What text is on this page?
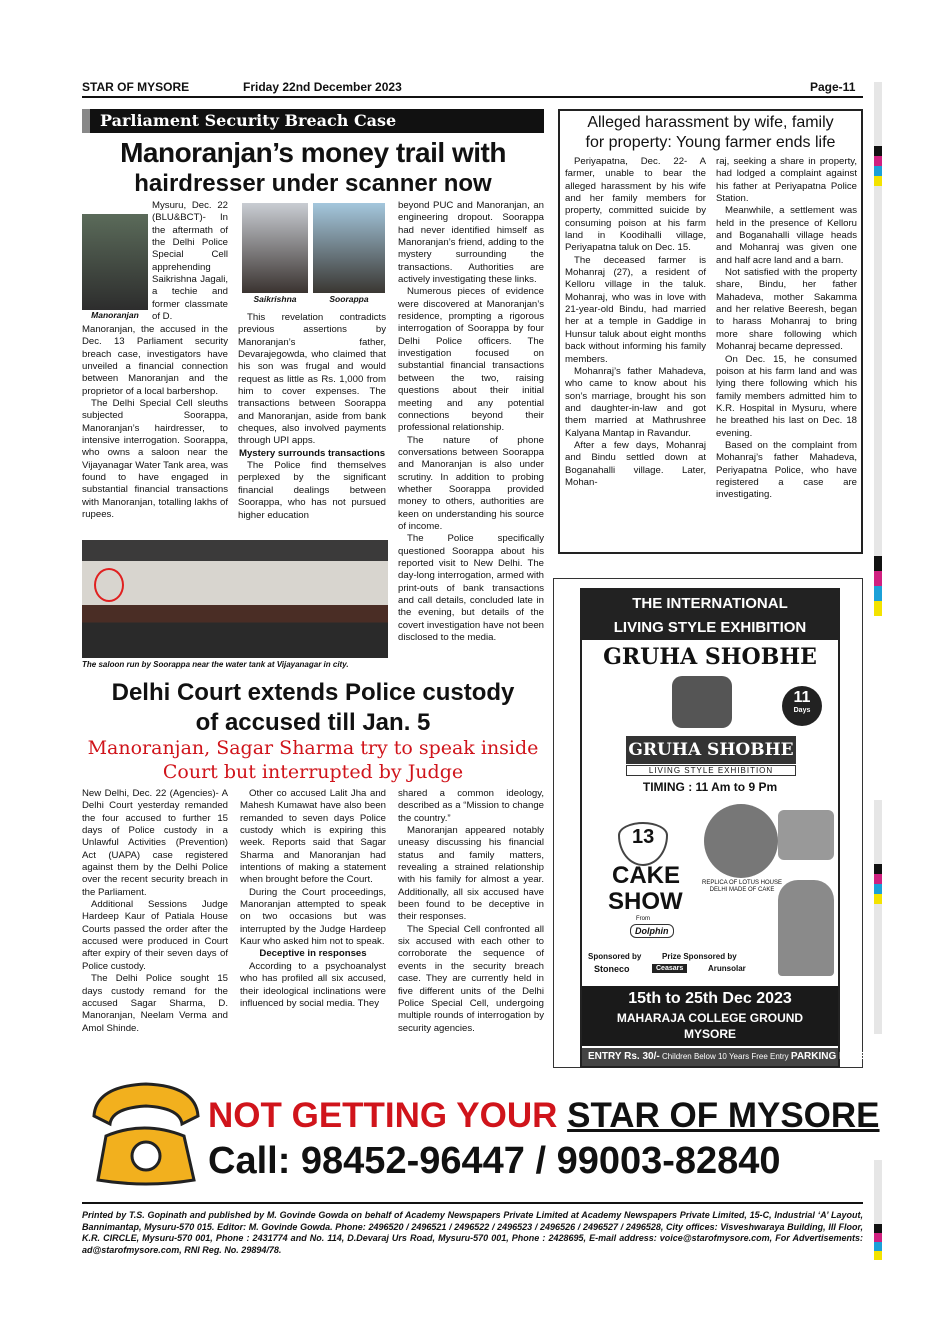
STAR OF MYSORE	Friday 22nd December 2023	Page-11
Parliament Security Breach Case
Manoranjan’s money trail with
hairdresser under scanner now
Manoranjan

Mysuru, Dec. 22 (BLU&BCT)- In the aftermath of the Delhi Police Special Cell apprehending Saikrishna Jagali, a techie and former classmate of D.

Manoranjan, the accused in the Dec. 13 Parliament security breach case, investigators have unveiled a financial connection between Manoranjan and the proprietor of a local barbershop.

The Delhi Special Cell sleuths subjected Soorappa, Manoranjan’s hairdresser, to intensive interrogation. Soorappa, who owns a saloon near the Vijayanagar Water Tank area, was found to have engaged in substantial financial transactions with Manoranjan, totalling lakhs of rupees.

Saikrishna	Soorappa

This revelation contradicts previous assertions by Manoranjan’s father, Devarajegowda, who claimed that his son was frugal and would request as little as Rs. 1,000 from him to cover expenses. The transactions between Soorappa and Manoranjan, aside from bank cheques, also involved payments through UPI apps.

Mystery surrounds transactions

The Police find themselves perplexed by the significant financial dealings between Soorappa, who has not pursued higher education

beyond PUC and Manoranjan, an engineering dropout. Soorappa had never identified himself as Manoranjan’s friend, adding to the mystery surrounding the transactions. Authorities are actively investigating these links.

Numerous pieces of evidence were discovered at Manoranjan’s residence, prompting a rigorous interrogation of Soorappa by four Delhi Police officers. The investigation focused on substantial financial transactions between the two, raising questions about their initial meeting and any potential connections beyond their professional relationship.

The nature of phone conversations between Soorappa and Manoranjan is also under scrutiny. In addition to probing whether Soorappa provided money to others, authorities are keen on understanding his source of income.

The Police specifically questioned Soorappa about his reported visit to New Delhi. The day-long interrogation, armed with print-outs of bank transactions and call details, concluded late in the evening, but details of the covert investigation have not been disclosed to the media.

The saloon run by Soorappa near the water tank at Vijayanagar in city.
Delhi Court extends Police custody
of accused till Jan. 5
Manoranjan, Sagar Sharma try to speak inside
Court but interrupted by Judge

New Delhi, Dec. 22 (Agencies)- A Delhi Court yesterday remanded the four accused to further 15 days of Police custody in a Unlawful Activities (Prevention) Act (UAPA) case registered against them by the Delhi Police over the recent security breach in the Parliament.

Additional Sessions Judge Hardeep Kaur of Patiala House Courts passed the order after the accused were produced in Court after expiry of their seven days of Police custody.

The Delhi Police sought 15 days custody remand for the accused Sagar Sharma, D. Manoranjan, Neelam Verma and Amol Shinde.

Other co accused Lalit Jha and Mahesh Kumawat have also been remanded to seven days Police custody which is expiring this week. Reports said that Sagar Sharma and Manoranjan had intentions of making a statement when brought before the Court.

During the Court proceedings, Manoranjan attempted to speak on two occasions but was interrupted by the Judge Hardeep Kaur who asked him not to speak.

Deceptive in responses

According to a psychoanalyst who has profiled all six accused, their ideological inclinations were influenced by social media. They

shared a common ideology, described as a “Mission to change the country.”

Manoranjan appeared notably uneasy discussing his financial status and family matters, revealing a strained relationship with his family for almost a year. Additionally, all six accused have been found to be deceptive in their responses.

The Special Cell confronted all six accused with each other to corroborate the sequence of events in the security breach case. They are currently held in five different units of the Delhi Police Special Cell, undergoing multiple rounds of interrogation by security agencies.

Alleged harassment by wife, family
for property: Young farmer ends life

Periyapatna, Dec. 22- A farmer, unable to bear the alleged harassment by his wife and her family members for property, committed suicide by consuming poison at his farm land in Koodihalli village, Periyapatna taluk on Dec. 15.

The deceased farmer is Mohanraj (27), a resident of Kelloru village in the taluk. Mohanraj, who was in love with 21-year-old Bindu, had married her at a temple in Gaddige in Hunsur taluk about eight months back without informing his family members.

Mohanraj’s father Mahadeva, who came to know about his son’s marriage, brought his son and daughter-in-law and got them married at Mathrushree Kalyana Mantap in Ravandur.

After a few days, Mohanraj and Bindu settled down at Boganahalli village. Later, Mohan-

raj, seeking a share in property, had lodged a complaint against his father at Periyapatna Police Station.

Meanwhile, a settlement was held in the presence of Kelloru and Boganahalli village heads and Mohanraj was given one and half acre land and a barn.

Not satisfied with the property share, Bindu, her father Mahadeva, mother Sakamma and her relative Beeresh, began to harass Mohanraj to bring more share following which Mohanraj became depressed.

On Dec. 15, he consumed poison at his farm land and was lying there following which his family members admitted him to K.R. Hospital in Mysuru, where he breathed his last on Dec. 18 evening.

Based on the complaint from Mohanraj’s father Mahadeva, Periyapatna Police, who have registered a case are investigating.

THE INTERNATIONAL
LIVING STYLE EXHIBITION
GRUHA SHOBHE
11
Days
GRUHA SHOBHE
LIVING STYLE EXHIBITION
TIMING : 11 Am to 9 Pm
13
CAKE
SHOW
From
Dolphin
REPLICA OF LOTUS HOUSE DELHI MADE OF CAKE
Sponsored by	Prize Sponsored by
Stoneco	Ceasars	Arunsolar
15th to 25th Dec 2023
MAHARAJA COLLEGE GROUND
MYSORE
ENTRY Rs. 30/- Children Below 10 Years Free Entry PARKING FREE
NOT GETTING YOUR STAR OF MYSORE
Call: 98452-96447 / 99003-82840
Printed by T.S. Gopinath and published by M. Govinde Gowda on behalf of Academy Newspapers Private Limited at Academy Newspapers Private Limited, 15-C, Industrial ‘A’ Layout, Bannimantap, Mysuru-570 015. Editor: M. Govinde Gowda. Phone: 2496520 / 2496521 / 2496522 / 2496523 / 2496526 / 2496527 / 2496528, City offices: Visveshwaraya Building, III Floor, K.R. CIRCLE, Mysuru-570 001, Phone : 2431774 and No. 114, D.Devaraj Urs Road, Mysuru-570 001, Phone : 2428695, E-mail address: voice@starofmysore.com, For Advertisements: ad@starofmysore.com, RNI Reg. No. 29894/78.
